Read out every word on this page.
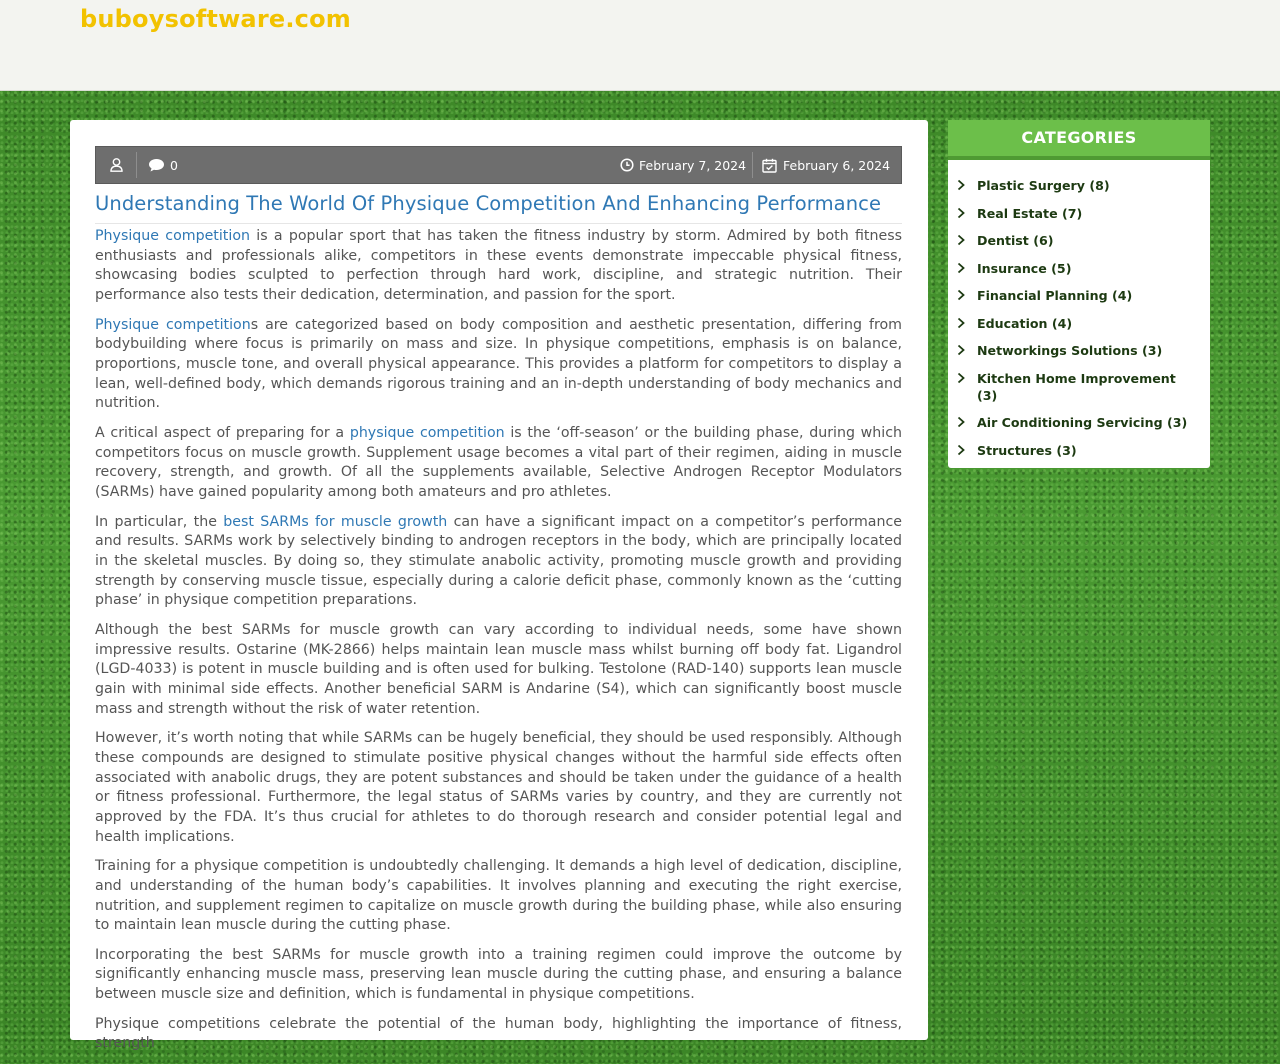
buboysoftware.com
0	February 7, 2024	February 6, 2024
Understanding The World Of Physique Competition And Enhancing Performance

Physique competition is a popular sport that has taken the fitness industry by storm. Admired by both fitness enthusiasts and professionals alike, competitors in these events demonstrate impeccable physical fitness, showcasing bodies sculpted to perfection through hard work, discipline, and strategic nutrition. Their performance also tests their dedication, determination, and passion for the sport.

Physique competitions are categorized based on body composition and aesthetic presentation, differing from bodybuilding where focus is primarily on mass and size. In physique competitions, emphasis is on balance, proportions, muscle tone, and overall physical appearance. This provides a platform for competitors to display a lean, well-defined body, which demands rigorous training and an in-depth understanding of body mechanics and nutrition.

A critical aspect of preparing for a physique competition is the ‘off-season’ or the building phase, during which competitors focus on muscle growth. Supplement usage becomes a vital part of their regimen, aiding in muscle recovery, strength, and growth. Of all the supplements available, Selective Androgen Receptor Modulators (SARMs) have gained popularity among both amateurs and pro athletes.

In particular, the best SARMs for muscle growth can have a significant impact on a competitor’s performance and results. SARMs work by selectively binding to androgen receptors in the body, which are principally located in the skeletal muscles. By doing so, they stimulate anabolic activity, promoting muscle growth and providing strength by conserving muscle tissue, especially during a calorie deficit phase, commonly known as the ‘cutting phase’ in physique competition preparations.

Although the best SARMs for muscle growth can vary according to individual needs, some have shown impressive results. Ostarine (MK-2866) helps maintain lean muscle mass whilst burning off body fat. Ligandrol (LGD-4033) is potent in muscle building and is often used for bulking. Testolone (RAD-140) supports lean muscle gain with minimal side effects. Another beneficial SARM is Andarine (S4), which can significantly boost muscle mass and strength without the risk of water retention.

However, it’s worth noting that while SARMs can be hugely beneficial, they should be used responsibly. Although these compounds are designed to stimulate positive physical changes without the harmful side effects often associated with anabolic drugs, they are potent substances and should be taken under the guidance of a health or fitness professional. Furthermore, the legal status of SARMs varies by country, and they are currently not approved by the FDA. It’s thus crucial for athletes to do thorough research and consider potential legal and health implications.

Training for a physique competition is undoubtedly challenging. It demands a high level of dedication, discipline, and understanding of the human body’s capabilities. It involves planning and executing the right exercise, nutrition, and supplement regimen to capitalize on muscle growth during the building phase, while also ensuring to maintain lean muscle during the cutting phase.

Incorporating the best SARMs for muscle growth into a training regimen could improve the outcome by significantly enhancing muscle mass, preserving lean muscle during the cutting phase, and ensuring a balance between muscle size and definition, which is fundamental in physique competitions.

Physique competitions celebrate the potential of the human body, highlighting the importance of fitness, strength

CATEGORIES
Plastic Surgery (8)
Real Estate (7)
Dentist (6)
Insurance (5)
Financial Planning (4)
Education (4)
Networkings Solutions (3)
Kitchen Home Improvement (3)
Air Conditioning Servicing (3)
Structures (3)
